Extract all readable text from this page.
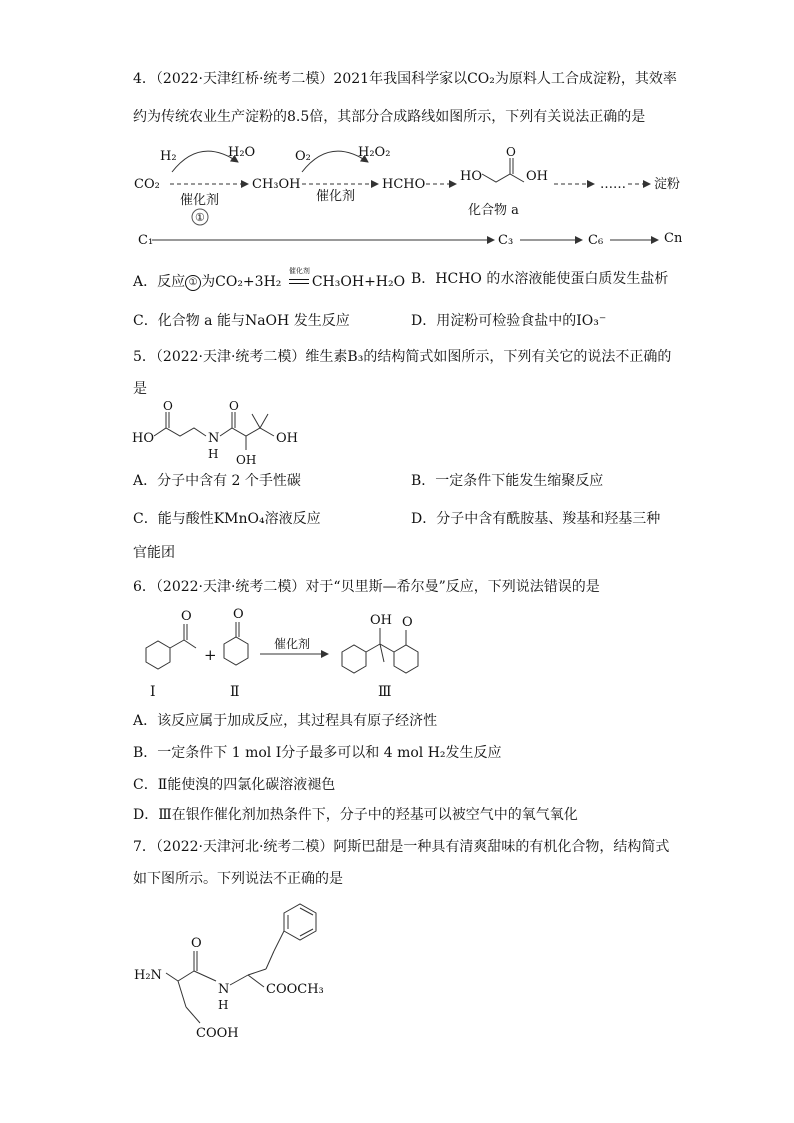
4．（2022·天津红桥·统考二模）2021年我国科学家以CO₂为原料人工合成淀粉，其效率
约为传统农业生产淀粉的8.5倍，其部分合成路线如图所示，下列有关说法正确的是
H₂	H₂O	O₂	H₂O₂
CO₂	CH₃OH	HCHO
HO
O
OH
…… 淀粉
催化剂	催化剂
①	化合物 a
C₁	C₃	C₆	Cn
A．反应 ① 为CO₂+3H₂
催化剂
CH₃OH+H₂O B．HCHO 的水溶液能使蛋白质发生盐析
C．化合物 a 能与NaOH 发生反应	D．用淀粉可检验食盐中的IO₃⁻
5．（2022·天津·统考二模）维生素B₃的结构简式如图所示，下列有关它的说法不正确的
是
HO
O
N
H
O
OH
OH
A．分子中含有 2 个手性碳	B．一定条件下能发生缩聚反应
C．能与酸性KMnO₄溶液反应	D．分子中含有酰胺基、羧基和羟基三种
官能团
6．（2022·天津·统考二模）对于“贝里斯—希尔曼”反应，下列说法错误的是
O
+
O
催化剂
OH O
Ⅰ	Ⅱ	Ⅲ
A．该反应属于加成反应，其过程具有原子经济性
B．一定条件下 1 mol Ⅰ分子最多可以和 4 mol H₂发生反应
C．Ⅱ能使溴的四氯化碳溶液褪色
D．Ⅲ在银作催化剂加热条件下，分子中的羟基可以被空气中的氧气氧化
7．（2022·天津河北·统考二模）阿斯巴甜是一种具有清爽甜味的有机化合物，结构简式
如下图所示。下列说法不正确的是
H₂N
O
N
H
COOCH₃
COOH
